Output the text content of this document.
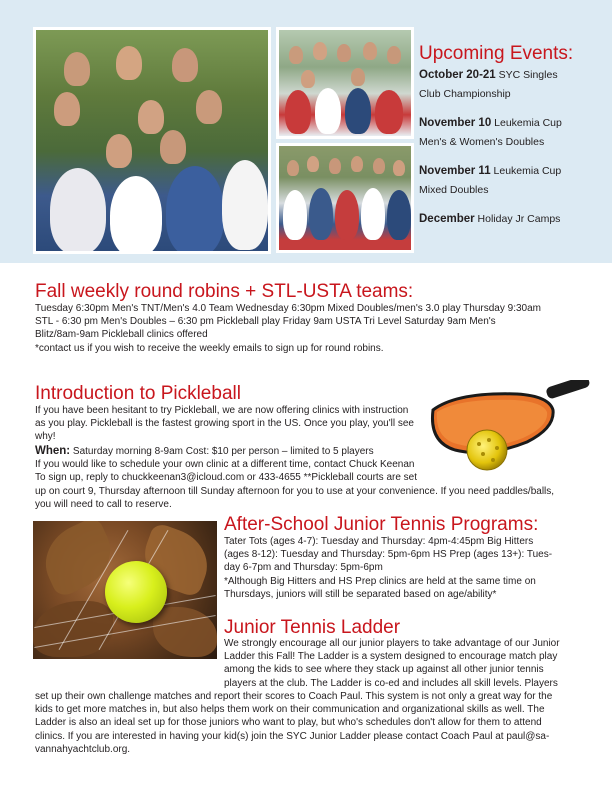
Upcoming Events:
October 20-21 SYC Singles
Club Championship
November 10 Leukemia Cup
Men's & Women's Doubles
November 11 Leukemia Cup
Mixed Doubles
December Holiday Jr Camps
Fall weekly round robins + STL-USTA teams:
Tuesday 6:30pm Men's TNT/Men's 4.0 Team Wednesday 6:30pm Mixed Doubles/men's 3.0 play Thursday 9:30am
STL - 6:30 pm Men's Doubles – 6:30 pm Pickleball play Friday 9am USTA Tri Level Saturday 9am Men's
Blitz/8am-9am Pickleball clinics offered
*contact us if you wish to receive the weekly emails to sign up for round robins.
Introduction to Pickleball
If you have been hesitant to try Pickleball, we are now offering clinics with instruction
as you play. Pickleball is the fastest growing sport in the US. Once you play, you'll see
why!
When: Saturday morning 8-9am Cost: $10 per person – limited to 5 players
If you would like to schedule your own clinic at a different time, contact Chuck Keenan
To sign up, reply to chuckkeenan3@icloud.com or 433-4655 **Pickleball courts are set
up on court 9, Thursday afternoon till Sunday afternoon for you to use at your convenience. If you need paddles/balls,
you will need to call to reserve.
After-School Junior Tennis Programs:
Tater Tots (ages 4-7): Tuesday and Thursday: 4pm-4:45pm Big Hitters
(ages 8-12): Tuesday and Thursday: 5pm-6pm HS Prep (ages 13+): Tues-
day 6-7pm and Thursday: 5pm-6pm
*Although Big Hitters and HS Prep clinics are held at the same time on
Thursdays, juniors will still be separated based on age/ability*
Junior Tennis Ladder
We strongly encourage all our junior players to take advantage of our Junior
Ladder this Fall! The Ladder is a system designed to encourage match play
among the kids to see where they stack up against all other junior tennis
players at the club. The Ladder is co-ed and includes all skill levels. Players
set up their own challenge matches and report their scores to Coach Paul. This system is not only a great way for the
kids to get more matches in, but also helps them work on their communication and organizational skills as well. The
Ladder is also an ideal set up for those juniors who want to play, but who's schedules don't allow for them to attend
clinics. If you are interested in having your kid(s) join the SYC Junior Ladder please contact Coach Paul at paul@sa-
vannahyachtclub.org.
